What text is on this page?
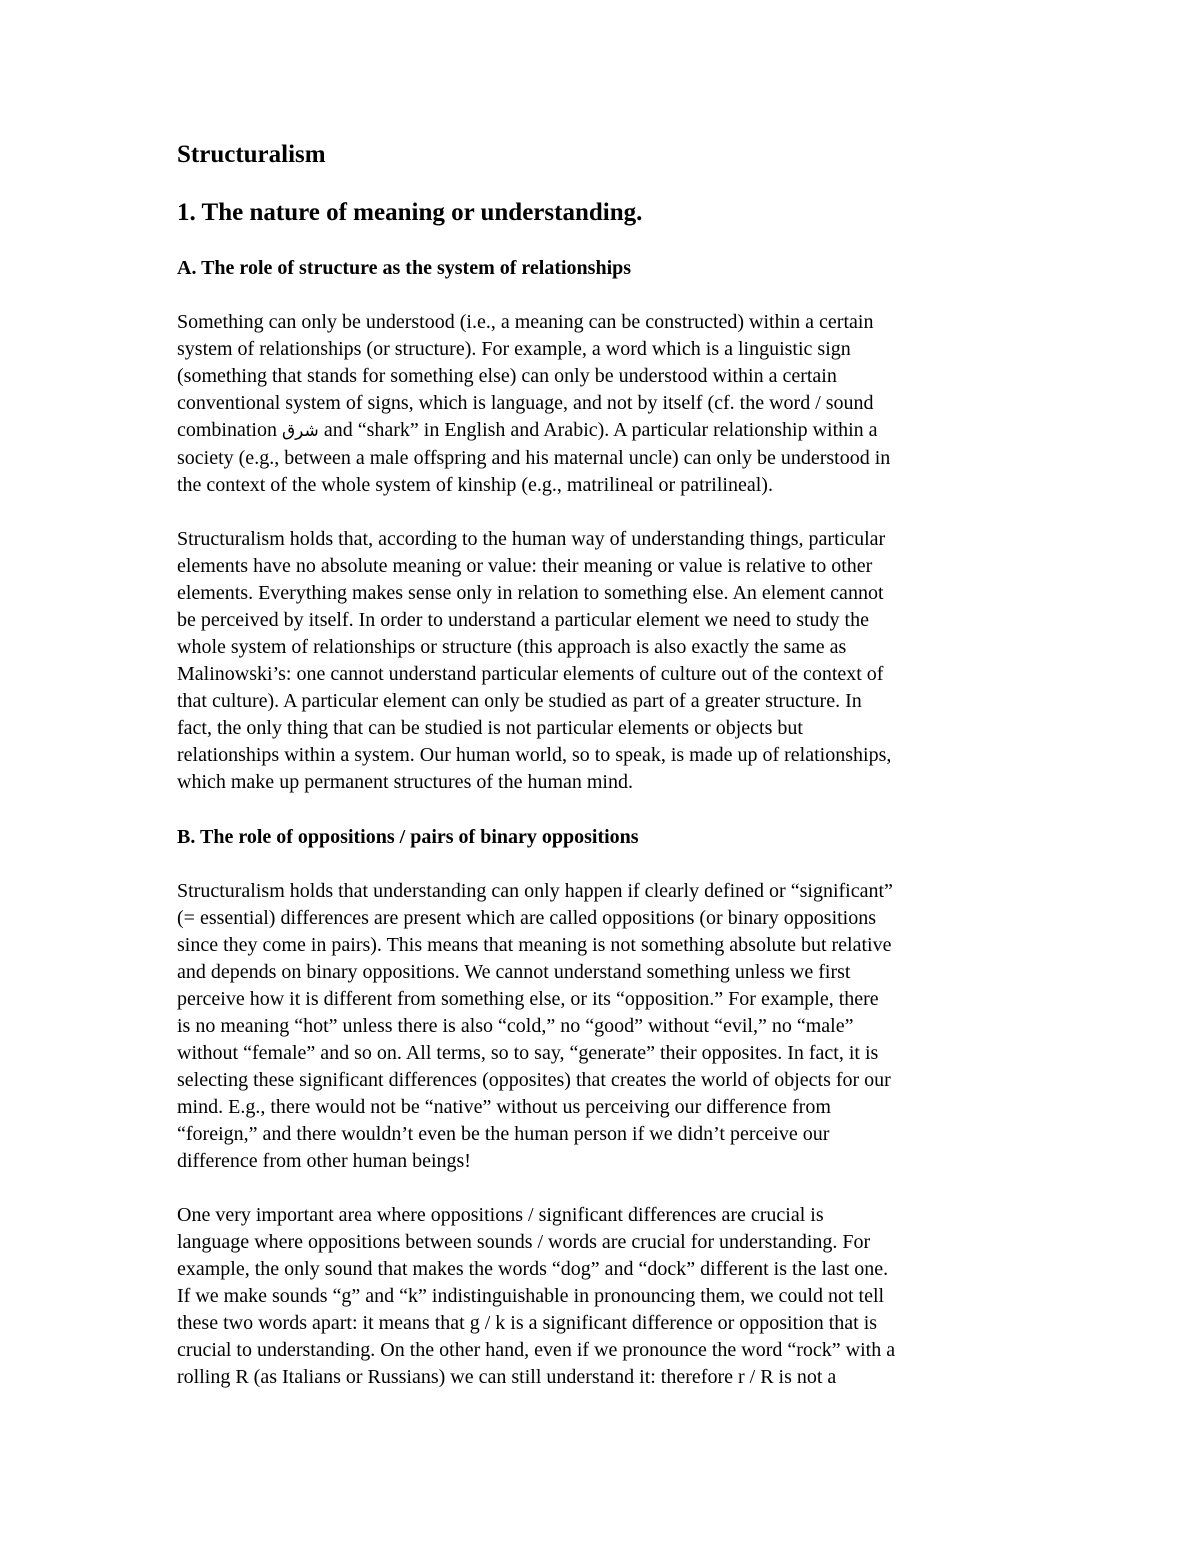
Structuralism
1. The nature of meaning or understanding.
A. The role of structure as the system of relationships
Something can only be understood (i.e., a meaning can be constructed) within a certain
system of relationships (or structure). For example, a word which is a linguistic sign
(something that stands for something else) can only be understood within a certain
conventional system of signs, which is language, and not by itself (cf. the word / sound
combination شرق and “shark” in English and Arabic). A particular relationship within a
society (e.g., between a male offspring and his maternal uncle) can only be understood in
the context of the whole system of kinship (e.g., matrilineal or patrilineal).
Structuralism holds that, according to the human way of understanding things, particular
elements have no absolute meaning or value: their meaning or value is relative to other
elements. Everything makes sense only in relation to something else. An element cannot
be perceived by itself. In order to understand a particular element we need to study the
whole system of relationships or structure (this approach is also exactly the same as
Malinowski’s: one cannot understand particular elements of culture out of the context of
that culture). A particular element can only be studied as part of a greater structure. In
fact, the only thing that can be studied is not particular elements or objects but
relationships within a system. Our human world, so to speak, is made up of relationships,
which make up permanent structures of the human mind.
B. The role of oppositions / pairs of binary oppositions
Structuralism holds that understanding can only happen if clearly defined or “significant”
(= essential) differences are present which are called oppositions (or binary oppositions
since they come in pairs). This means that meaning is not something absolute but relative
and depends on binary oppositions. We cannot understand something unless we first
perceive how it is different from something else, or its “opposition.” For example, there
is no meaning “hot” unless there is also “cold,” no “good” without “evil,” no “male”
without “female” and so on. All terms, so to say, “generate” their opposites. In fact, it is
selecting these significant differences (opposites) that creates the world of objects for our
mind. E.g., there would not be “native” without us perceiving our difference from
“foreign,” and there wouldn’t even be the human person if we didn’t perceive our
difference from other human beings!
One very important area where oppositions / significant differences are crucial is
language where oppositions between sounds / words are crucial for understanding. For
example, the only sound that makes the words “dog” and “dock” different is the last one.
If we make sounds “g” and “k” indistinguishable in pronouncing them, we could not tell
these two words apart: it means that g / k is a significant difference or opposition that is
crucial to understanding. On the other hand, even if we pronounce the word “rock” with a
rolling R (as Italians or Russians) we can still understand it: therefore r / R is not a
